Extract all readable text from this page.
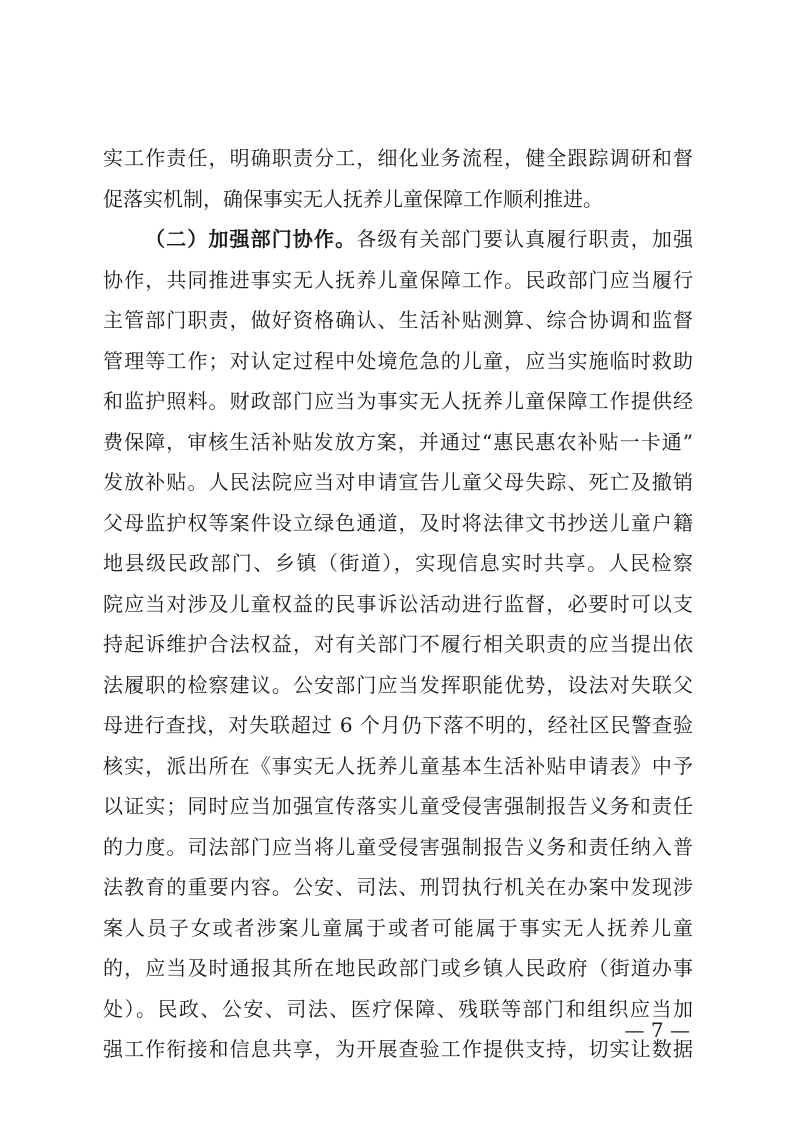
实工作责任，明确职责分工，细化业务流程，健全跟踪调研和督
促落实机制，确保事实无人抚养儿童保障工作顺利推进。
（二）加强部门协作。各级有关部门要认真履行职责，加强
协作，共同推进事实无人抚养儿童保障工作。民政部门应当履行
主管部门职责，做好资格确认、生活补贴测算、综合协调和监督
管理等工作；对认定过程中处境危急的儿童，应当实施临时救助
和监护照料。财政部门应当为事实无人抚养儿童保障工作提供经
费保障，审核生活补贴发放方案，并通过“惠民惠农补贴一卡通”
发放补贴。人民法院应当对申请宣告儿童父母失踪、死亡及撤销
父母监护权等案件设立绿色通道，及时将法律文书抄送儿童户籍
地县级民政部门、乡镇（街道），实现信息实时共享。人民检察
院应当对涉及儿童权益的民事诉讼活动进行监督，必要时可以支
持起诉维护合法权益，对有关部门不履行相关职责的应当提出依
法履职的检察建议。公安部门应当发挥职能优势，设法对失联父
母进行查找，对失联超过 6 个月仍下落不明的，经社区民警查验
核实，派出所在《事实无人抚养儿童基本生活补贴申请表》中予
以证实；同时应当加强宣传落实儿童受侵害强制报告义务和责任
的力度。司法部门应当将儿童受侵害强制报告义务和责任纳入普
法教育的重要内容。公安、司法、刑罚执行机关在办案中发现涉
案人员子女或者涉案儿童属于或者可能属于事实无人抚养儿童
的，应当及时通报其所在地民政部门或乡镇人民政府（街道办事
处）。民政、公安、司法、医疗保障、残联等部门和组织应当加
强工作衔接和信息共享，为开展查验工作提供支持，切实让数据
— 7 —
